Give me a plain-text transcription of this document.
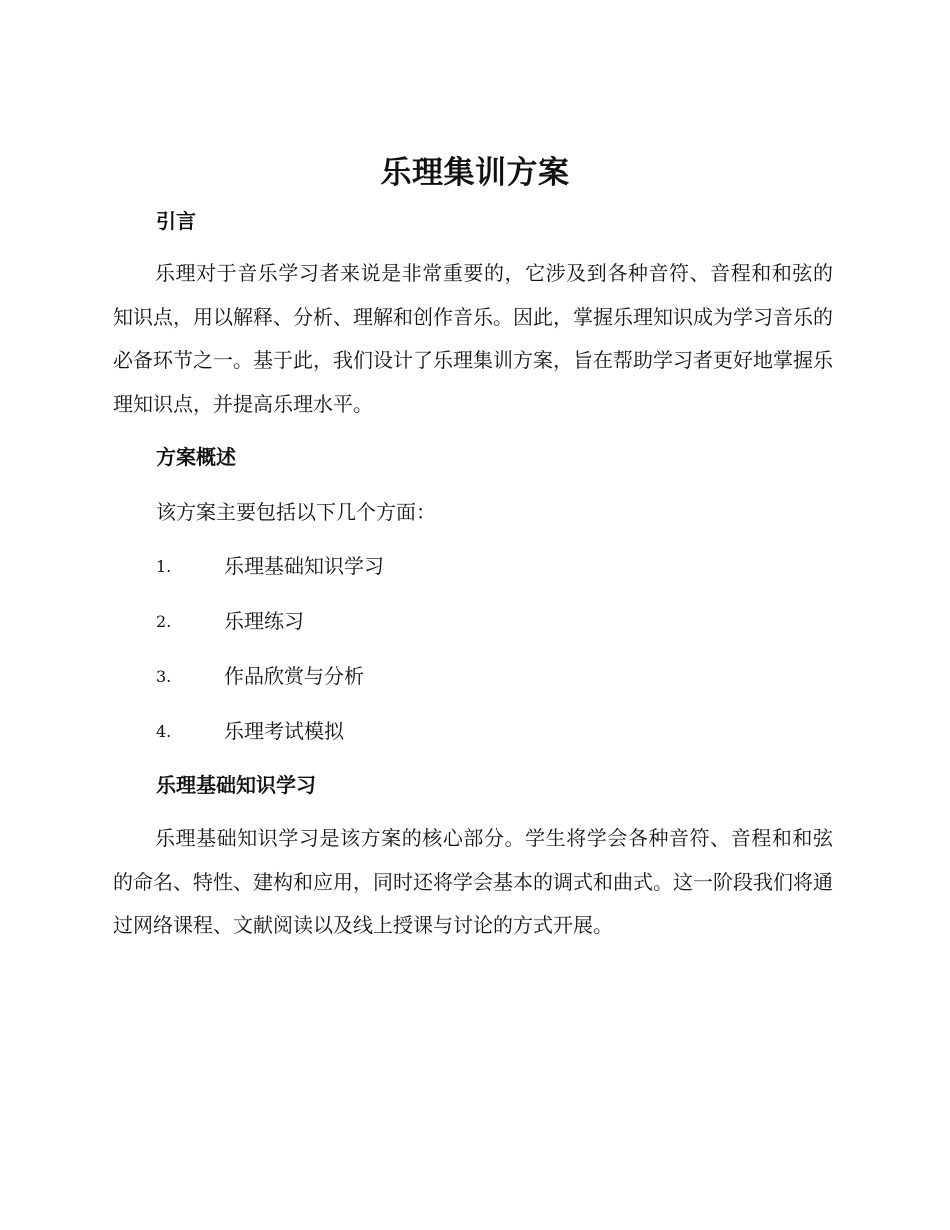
乐理集训方案
引言
乐理对于音乐学习者来说是非常重要的，它涉及到各种音符、音程和和弦的知识点，用以解释、分析、理解和创作音乐。因此，掌握乐理知识成为学习音乐的必备环节之一。基于此，我们设计了乐理集训方案，旨在帮助学习者更好地掌握乐理知识点，并提高乐理水平。
方案概述
该方案主要包括以下几个方面：
1.	乐理基础知识学习
2.	乐理练习
3.	作品欣赏与分析
4.	乐理考试模拟
乐理基础知识学习
乐理基础知识学习是该方案的核心部分。学生将学会各种音符、音程和和弦的命名、特性、建构和应用，同时还将学会基本的调式和曲式。这一阶段我们将通过网络课程、文献阅读以及线上授课与讨论的方式开展。
